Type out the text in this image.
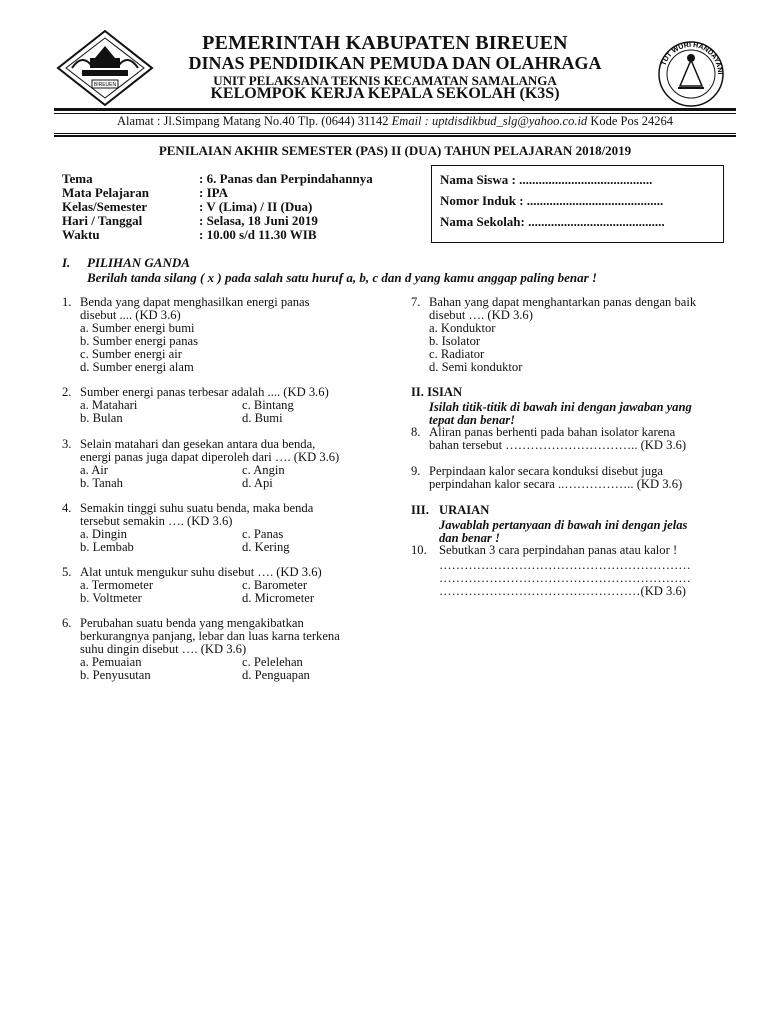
BIREUEN
PEMERINTAH KABUPATEN BIREUEN
DINAS PENDIDIKAN PEMUDA DAN OLAHRAGA
UNIT PELAKSANA TEKNIS KECAMATAN SAMALANGA
KELOMPOK KERJA KEPALA SEKOLAH (K3S)
TUT WURI HANDAYANI
Alamat : Jl.Simpang Matang No.40 Tlp. (0644) 31142 Email : uptdisdikbud_slg@yahoo.co.id Kode Pos 24264
PENILAIAN AKHIR SEMESTER (PAS) II (DUA) TAHUN PELAJARAN 2018/2019
Tema	: 6. Panas dan Perpindahannya
Mata Pelajaran	: IPA
Kelas/Semester	: V (Lima) / II (Dua)
Hari / Tanggal	: Selasa, 18 Juni 2019
Waktu	: 10.00 s/d 11.30 WIB
Nama Siswa : .........................................
Nomor Induk : ..........................................
Nama Sekolah: ..........................................
I. PILIHAN GANDA
Berilah tanda silang ( x ) pada salah satu huruf a, b, c dan d yang kamu anggap paling benar !
1. Benda yang dapat menghasilkan energi panas
disebut .... (KD 3.6)
a. Sumber energi bumi
b. Sumber energi panas
c. Sumber energi air
d. Sumber energi alam
2. Sumber energi panas terbesar adalah .... (KD 3.6)
a. Matahari	c. Bintang
b. Bulan	d. Bumi
3. Selain matahari dan gesekan antara dua benda,
energi panas juga dapat diperoleh dari …. (KD 3.6)
a. Air	c. Angin
b. Tanah	d. Api
4. Semakin tinggi suhu suatu benda, maka benda
tersebut semakin …. (KD 3.6)
a. Dingin	c. Panas
b. Lembab	d. Kering
5. Alat untuk mengukur suhu disebut …. (KD 3.6)
a. Termometer	c. Barometer
b. Voltmeter	d. Micrometer
6. Perubahan suatu benda yang mengakibatkan
berkurangnya panjang, lebar dan luas karna terkena
suhu dingin disebut …. (KD 3.6)
a. Pemuaian	c. Pelelehan
b. Penyusutan	d. Penguapan
7. Bahan yang dapat menghantarkan panas dengan baik
disebut …. (KD 3.6)
a. Konduktor
b. Isolator
c. Radiator
d. Semi konduktor
II. ISIAN
Isilah titik-titik di bawah ini dengan jawaban yang
tepat dan benar!
8. Aliran panas berhenti pada bahan isolator karena
bahan tersebut ………………………….. (KD 3.6)
9. Perpindaan kalor secara konduksi disebut juga
perpindahan kalor secara ..…………….. (KD 3.6)
III. URAIAN
Jawablah pertanyaan di bawah ini dengan jelas
dan benar !
10. Sebutkan 3 cara perpindahan panas atau kalor !
……………………………………………………
……………………………………………………
…………………………………………(KD 3.6)
